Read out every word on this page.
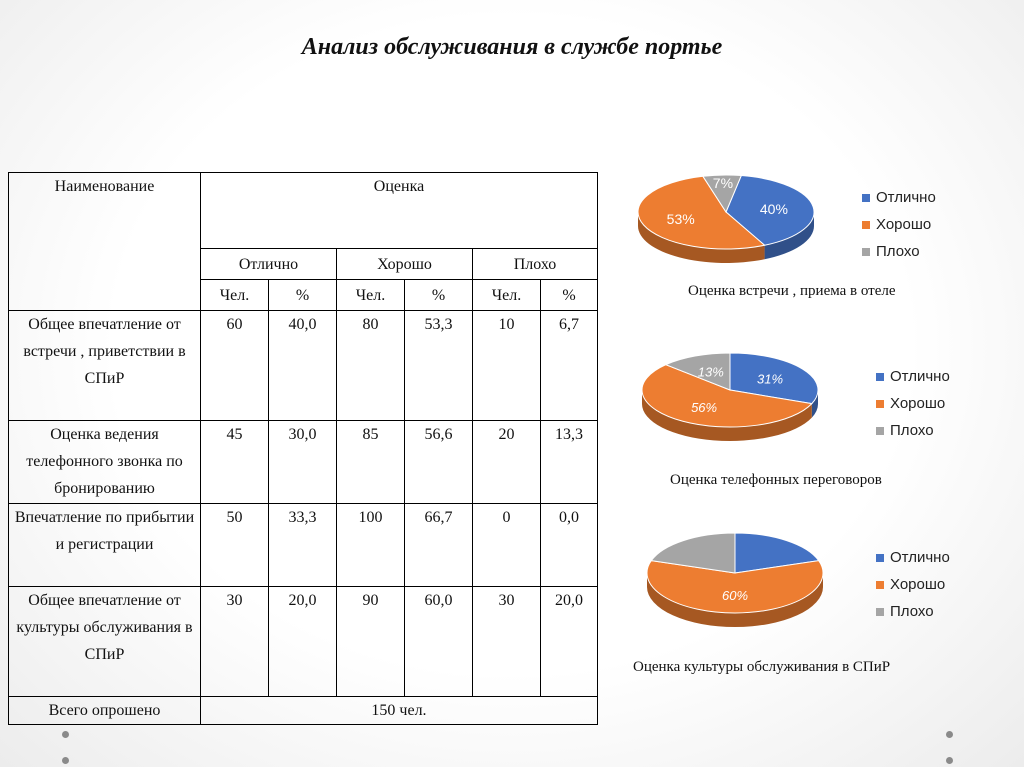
Анализ обслуживания в службе портье
Наименование	Оценка					
	Отлично		Хорошо		Плохо	
	Чел.	%	Чел.	%	Чел.	%
Общее впечатление от встречи , приветствии в СПиР	60	40,0	80	53,3	10	6,7
Оценка ведения телефонного звонка по бронированию	45	30,0	85	56,6	20	13,3
Впечатление по прибытии и регистрации	50	33,3	100	66,7	0	0,0
Общее впечатление от культуры обслуживания в СПиР	30	20,0	90	60,0	30	20,0
Всего опрошено	150 чел.					
40%
53%
7%
Отлично
Хорошо
Плохо
Оценка встречи , приема в отеле
31%
56%
13%	Отлично
Хорошо
Плохо
Оценка телефонных переговоров
60%
Отлично
Хорошо
Плохо
Оценка культуры обслуживания в СПиР
